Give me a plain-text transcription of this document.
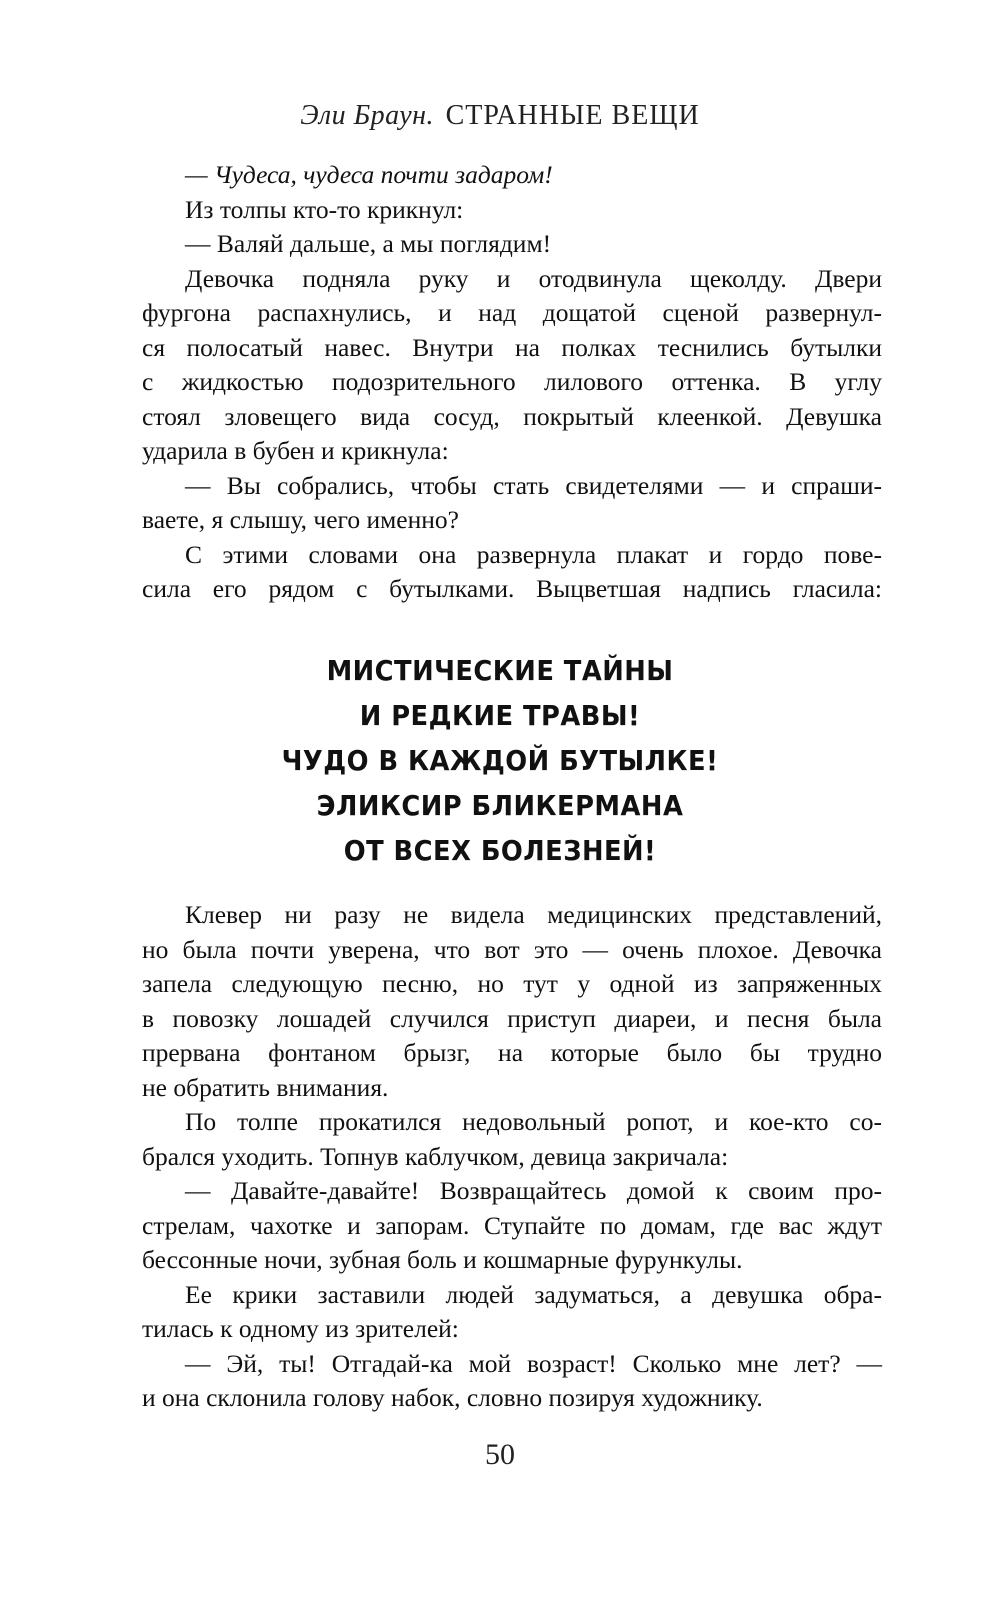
Эли Браун. СТРАННЫЕ ВЕЩИ
— Чудеса, чудеса почти задаром!
Из толпы кто-то крикнул:
— Валяй дальше, а мы поглядим!
Девочка подняла руку и отодвинула щеколду. Двери
фургона распахнулись, и над дощатой сценой развернул-
ся полосатый навес. Внутри на полках теснились бутылки
с жидкостью подозрительного лилового оттенка. В углу
стоял зловещего вида сосуд, покрытый клеенкой. Девушка
ударила в бубен и крикнула:
— Вы собрались, чтобы стать свидетелями — и спраши-
ваете, я слышу, чего именно?
С этими словами она развернула плакат и гордо пове-
сила его рядом с бутылками. Выцветшая надпись гласила:
МИСТИЧЕСКИЕ ТАЙНЫ
И РЕДКИЕ ТРАВЫ!
ЧУДО В КАЖДОЙ БУТЫЛКЕ!
ЭЛИКСИР БЛИКЕРМАНА
ОТ ВСЕХ БОЛЕЗНЕЙ!
Клевер ни разу не видела медицинских представлений,
но была почти уверена, что вот это — очень плохое. Девочка
запела следующую песню, но тут у одной из запряженных
в повозку лошадей случился приступ диареи, и песня была
прервана фонтаном брызг, на которые было бы трудно
не обратить внимания.
По толпе прокатился недовольный ропот, и кое-кто со-
брался уходить. Топнув каблучком, девица закричала:
— Давайте-давайте! Возвращайтесь домой к своим про-
стрелам, чахотке и запорам. Ступайте по домам, где вас ждут
бессонные ночи, зубная боль и кошмарные фурункулы.
Ее крики заставили людей задуматься, а девушка обра-
тилась к одному из зрителей:
— Эй, ты! Отгадай-ка мой возраст! Сколько мне лет? —
и она склонила голову набок, словно позируя художнику.
50
